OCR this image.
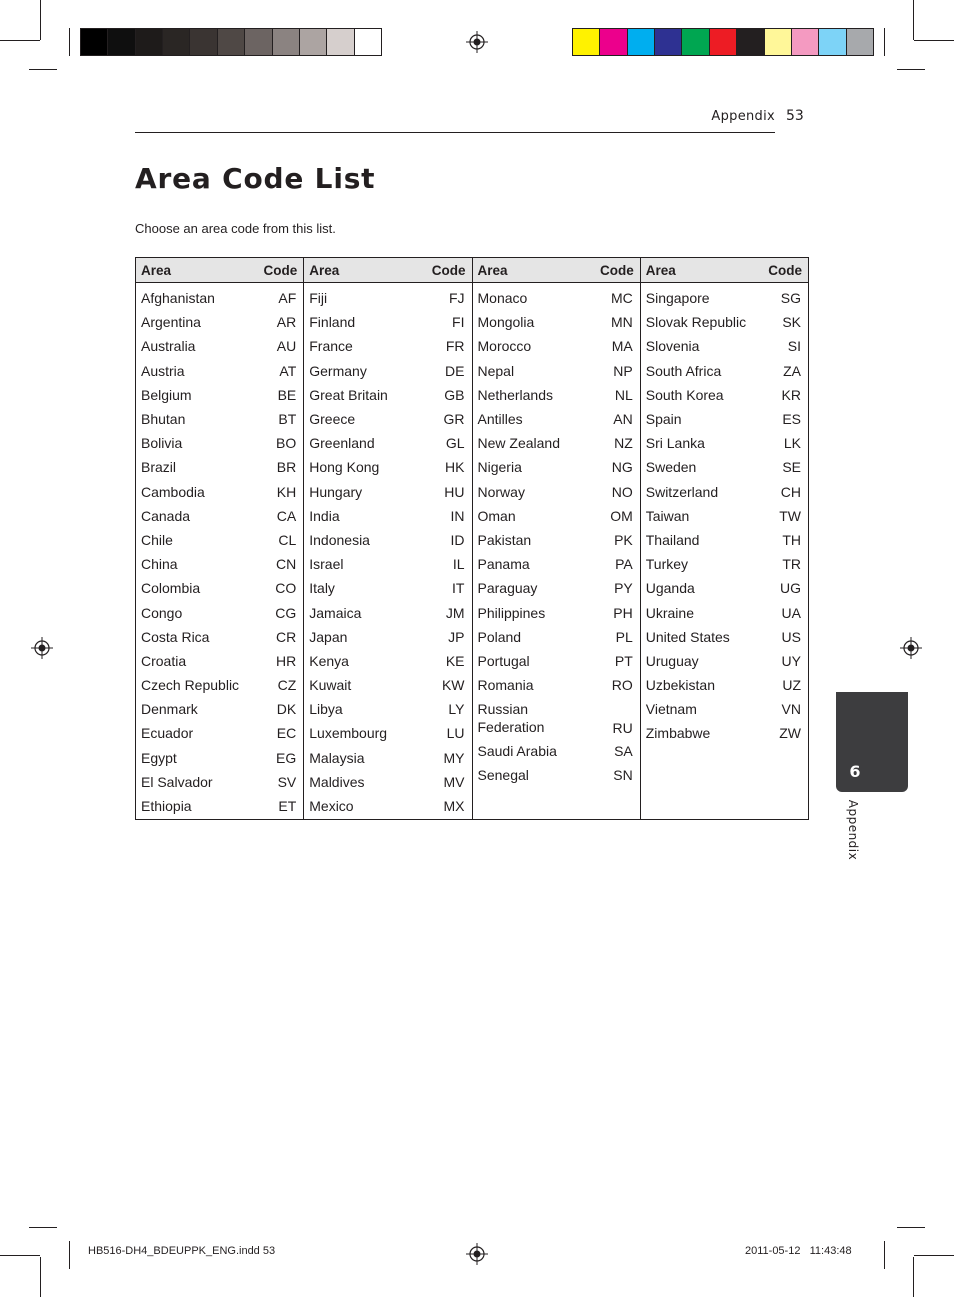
Appendix 53
Area Code List
Choose an area code from this list.
Area	Code
Afghanistan	AF
Argentina	AR
Australia	AU
Austria	AT
Belgium	BE
Bhutan	BT
Bolivia	BO
Brazil	BR
Cambodia	KH
Canada	CA
Chile	CL
China	CN
Colombia	CO
Congo	CG
Costa Rica	CR
Croatia	HR
Czech Republic	CZ
Denmark	DK
Ecuador	EC
Egypt	EG
El Salvador	SV
Ethiopia	ET
Area	Code
Fiji	FJ
Finland	FI
France	FR
Germany	DE
Great Britain	GB
Greece	GR
Greenland	GL
Hong Kong	HK
Hungary	HU
India	IN
Indonesia	ID
Israel	IL
Italy	IT
Jamaica	JM
Japan	JP
Kenya	KE
Kuwait	KW
Libya	LY
Luxembourg	LU
Malaysia	MY
Maldives	MV
Mexico	MX
Area	Code
Monaco	MC
Mongolia	MN
Morocco	MA
Nepal	NP
Netherlands	NL
Antilles	AN
New Zealand	NZ
Nigeria	NG
Norway	NO
Oman	OM
Pakistan	PK
Panama	PA
Paraguay	PY
Philippines	PH
Poland	PL
Portugal	PT
Romania	RO
Russian Federation	RU
Saudi Arabia	SA
Senegal	SN
Area	Code
Singapore	SG
Slovak Republic	SK
Slovenia	SI
South Africa	ZA
South Korea	KR
Spain	ES
Sri Lanka	LK
Sweden	SE
Switzerland	CH
Taiwan	TW
Thailand	TH
Turkey	TR
Uganda	UG
Ukraine	UA
United States	US
Uruguay	UY
Uzbekistan	UZ
Vietnam	VN
Zimbabwe	ZW
6
Appendix
HB516-DH4_BDEUPPK_ENG.indd 53	2011-05-12   11:43:48
